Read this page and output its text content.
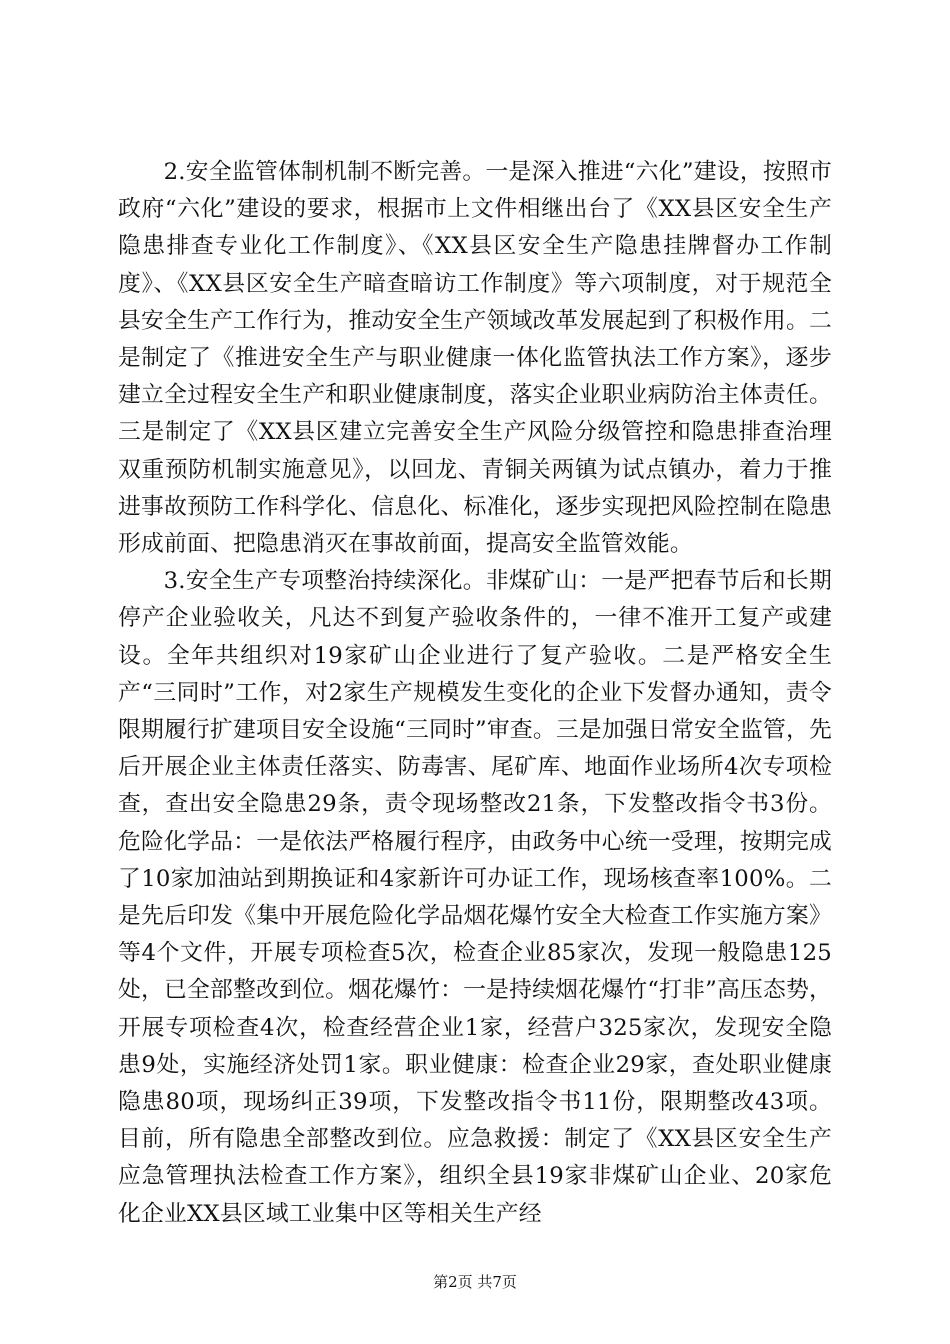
2.安全监管体制机制不断完善。一是深入推进“六化”建设，按照市政府“六化”建设的要求，根据市上文件相继出台了《XX县区安全生产隐患排查专业化工作制度》、《XX县区安全生产隐患挂牌督办工作制度》、《XX县区安全生产暗查暗访工作制度》等六项制度，对于规范全县安全生产工作行为，推动安全生产领域改革发展起到了积极作用。二是制定了《推进安全生产与职业健康一体化监管执法工作方案》，逐步建立全过程安全生产和职业健康制度，落实企业职业病防治主体责任。三是制定了《XX县区建立完善安全生产风险分级管控和隐患排查治理双重预防机制实施意见》，以回龙、青铜关两镇为试点镇办，着力于推进事故预防工作科学化、信息化、标准化，逐步实现把风险控制在隐患形成前面、把隐患消灭在事故前面，提高安全监管效能。

3.安全生产专项整治持续深化。非煤矿山：一是严把春节后和长期停产企业验收关，凡达不到复产验收条件的，一律不准开工复产或建设。全年共组织对19家矿山企业进行了复产验收。二是严格安全生产“三同时”工作，对2家生产规模发生变化的企业下发督办通知，责令限期履行扩建项目安全设施“三同时”审查。三是加强日常安全监管，先后开展企业主体责任落实、防毒害、尾矿库、地面作业场所4次专项检查，查出安全隐患29条，责令现场整改21条，下发整改指令书3份。危险化学品：一是依法严格履行程序，由政务中心统一受理，按期完成了10家加油站到期换证和4家新许可办证工作，现场核查率100%。二是先后印发《集中开展危险化学品烟花爆竹安全大检查工作实施方案》等4个文件，开展专项检查5次，检查企业85家次，发现一般隐患125处，已全部整改到位。烟花爆竹：一是持续烟花爆竹“打非”高压态势，开展专项检查4次，检查经营企业1家，经营户325家次，发现安全隐患9处，实施经济处罚1家。职业健康：检查企业29家，查处职业健康隐患80项，现场纠正39项，下发整改指令书11份，限期整改43项。目前，所有隐患全部整改到位。应急救援：制定了《XX县区安全生产应急管理执法检查工作方案》，组织全县19家非煤矿山企业、20家危化企业XX县区域工业集中区等相关生产经

第2页 共7页
